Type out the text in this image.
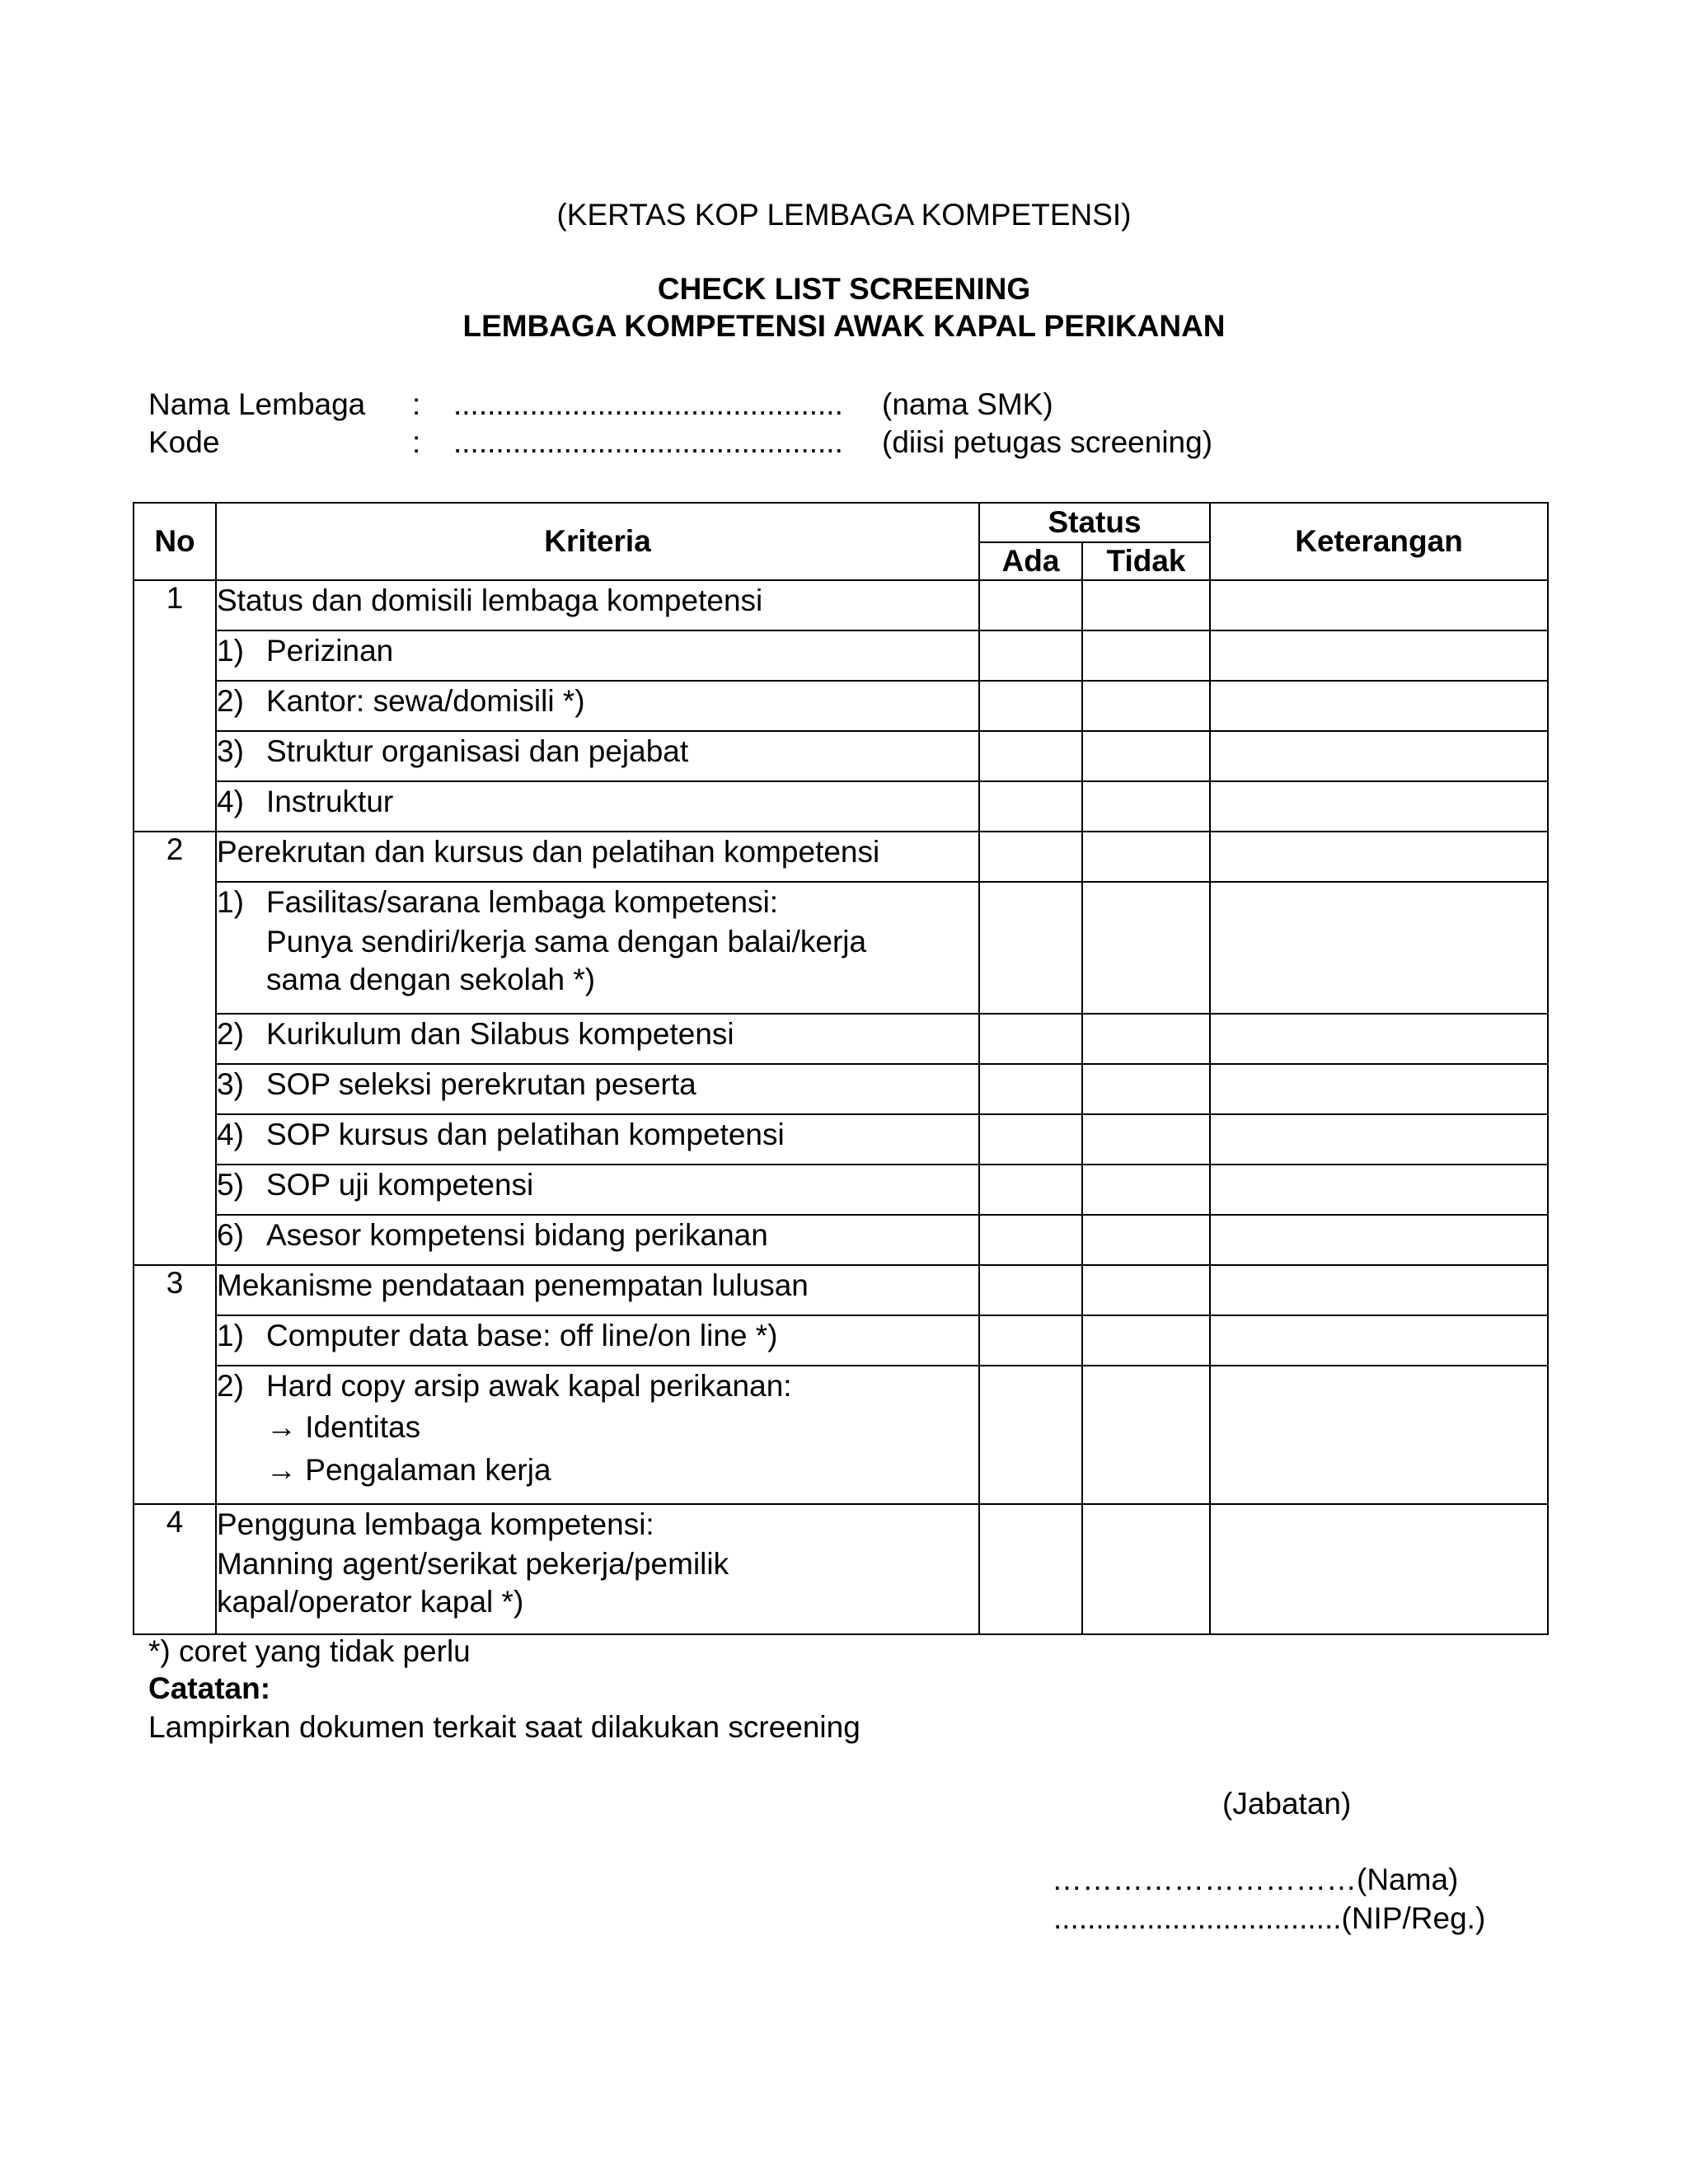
(KERTAS KOP LEMBAGA KOMPETENSI)
CHECK LIST SCREENING
LEMBAGA KOMPETENSI AWAK KAPAL PERIKANAN
Nama Lembaga : .............................................. (nama SMK)
Kode	: .............................................. (diisi petugas screening)
No	Kriteria	Status		Keterangan
		Ada	Tidak	
1	Status dan domisili lembaga kompetensi			

	1) Perizinan			

	2) Kantor: sewa/domisili *)			

	3) Struktur organisasi dan pejabat			

	4) Instruktur			

2	Perekrutan dan kursus dan pelatihan kompetensi			

	1) Fasilitas/sarana lembaga kompetensi:
Punya sendiri/kerja sama dengan balai/kerja
sama dengan sekolah *)			

	2) Kurikulum dan Silabus kompetensi			

	3) SOP seleksi perekrutan peserta			

	4) SOP kursus dan pelatihan kompetensi			

	5) SOP uji kompetensi			

	6) Asesor kompetensi bidang perikanan			

3	Mekanisme pendataan penempatan lulusan			

	1) Computer data base: off line/on line *)			

	2) Hard copy arsip awak kapal perikanan:
→ Identitas
→ Pengalaman kerja			

4	Pengguna lembaga kompetensi:
Manning agent/serikat pekerja/pemilik
kapal/operator kapal *)			

*) coret yang tidak perlu
Catatan:
Lampirkan dokumen terkait saat dilakukan screening
(Jabatan)
…………………………(Nama)
..................................(NIP/Reg.)
